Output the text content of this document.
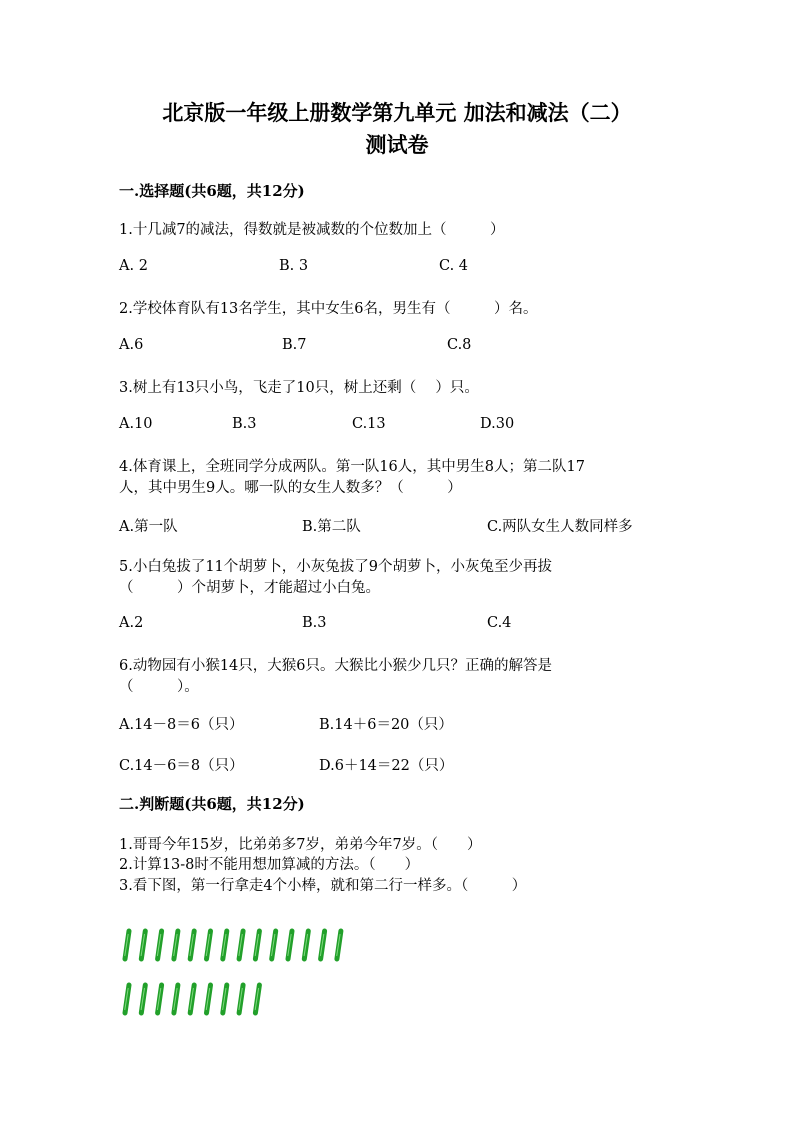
北京版一年级上册数学第九单元 加法和减法（二）
测试卷
一.选择题(共6题，共12分)
1.十几减7的减法，得数就是被减数的个位数加上（　　　）
A. 2	B. 3	C. 4
2.学校体育队有13名学生，其中女生6名，男生有（　　　）名。
A.6	B.7	C.8
3.树上有13只小鸟，飞走了10只，树上还剩（　 ）只。
A.10	B.3	C.13	D.30
4.体育课上，全班同学分成两队。第一队16人，其中男生8人；第二队17
人，其中男生9人。哪一队的女生人数多？（　　　）
A.第一队	B.第二队	C.两队女生人数同样多
5.小白兔拔了11个胡萝卜，小灰兔拔了9个胡萝卜，小灰兔至少再拔
（　　　）个胡萝卜，才能超过小白兔。
A.2	B.3	C.4
6.动物园有小猴14只，大猴6只。大猴比小猴少几只？正确的解答是
（　　　）。
A.14－8＝6（只）	B.14＋6＝20（只）
C.14－6＝8（只）	D.6＋14＝22（只）
二.判断题(共6题，共12分)
1.哥哥今年15岁，比弟弟多7岁，弟弟今年7岁。（　　）
2.计算13-8时不能用想加算减的方法。（　　）
3.看下图，第一行拿走4个小棒，就和第二行一样多。（　　　）
